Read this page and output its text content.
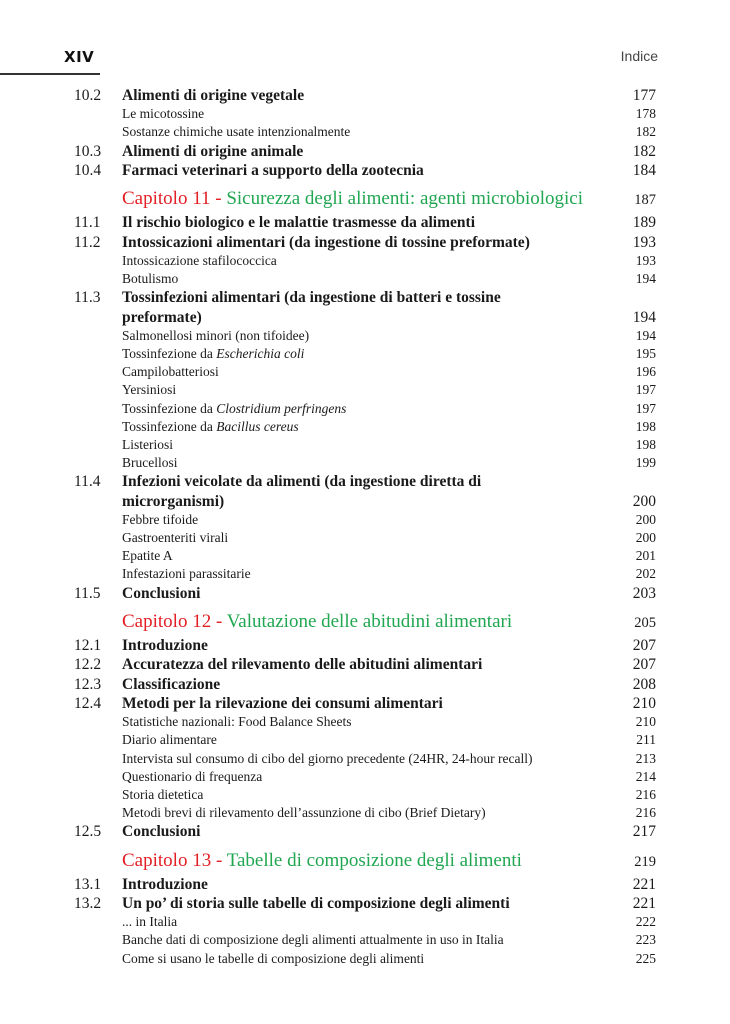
XIV	Indice
10.2	Alimenti di origine vegetale	177
Le micotossine	178
Sostanze chimiche usate intenzionalmente	182
10.3	Alimenti di origine animale	182
10.4	Farmaci veterinari a supporto della zootecnia	184
Capitolo 11 - Sicurezza degli alimenti: agenti microbiologici	187
11.1	Il rischio biologico e le malattie trasmesse da alimenti	189
11.2	Intossicazioni alimentari (da ingestione di tossine preformate)	193
Intossicazione stafilococcica	193
Botulismo	194
11.3	Tossinfezioni alimentari (da ingestione di batteri e tossine
preformate)	194
Salmonellosi minori (non tifoidee)	194
Tossinfezione da Escherichia coli	195
Campilobatteriosi	196
Yersiniosi	197
Tossinfezione da Clostridium perfringens	197
Tossinfezione da Bacillus cereus	198
Listeriosi	198
Brucellosi	199
11.4	Infezioni veicolate da alimenti (da ingestione diretta di
microrganismi)	200
Febbre tifoide	200
Gastroenteriti virali	200
Epatite A	201
Infestazioni parassitarie	202
11.5	Conclusioni	203
Capitolo 12 - Valutazione delle abitudini alimentari	205
12.1	Introduzione	207
12.2	Accuratezza del rilevamento delle abitudini alimentari	207
12.3	Classificazione	208
12.4	Metodi per la rilevazione dei consumi alimentari	210
Statistiche nazionali: Food Balance Sheets	210
Diario alimentare	211
Intervista sul consumo di cibo del giorno precedente (24HR, 24-hour recall)	213
Questionario di frequenza	214
Storia dietetica	216
Metodi brevi di rilevamento dell’assunzione di cibo (Brief Dietary)	216
12.5	Conclusioni	217
Capitolo 13 - Tabelle di composizione degli alimenti	219
13.1	Introduzione	221
13.2	Un po’ di storia sulle tabelle di composizione degli alimenti	221
... in Italia	222
Banche dati di composizione degli alimenti attualmente in uso in Italia	223
Come si usano le tabelle di composizione degli alimenti	225
